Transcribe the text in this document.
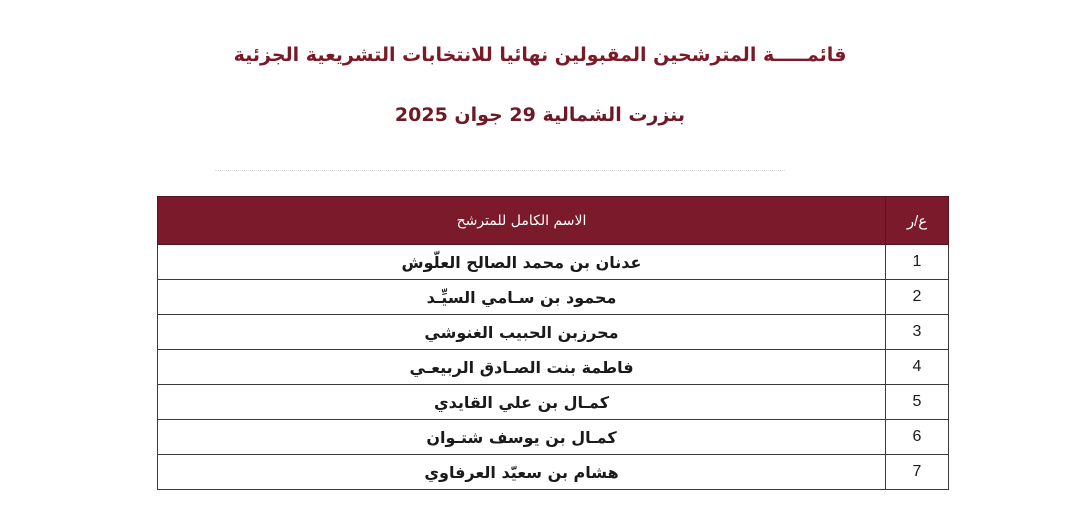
قائمـــــة المترشحين المقبولين نهائيا للانتخابات التشريعية الجزئية
بنزرت الشمالية 29 جوان 2025
ع/ر	الاسم الكامل للمترشح
1	عدنان بن محمد الصالح العلّوش
2	محمود بن سـامي السيِّـد
3	محرزبن الحبيب الغنوشي
4	فاطمة بنت الصـادق الربيعـي
5	كمـال بن علي القايدي
6	كمـال بن يوسف شتـوان
7	هشام بن سعيّد العرفاوي
